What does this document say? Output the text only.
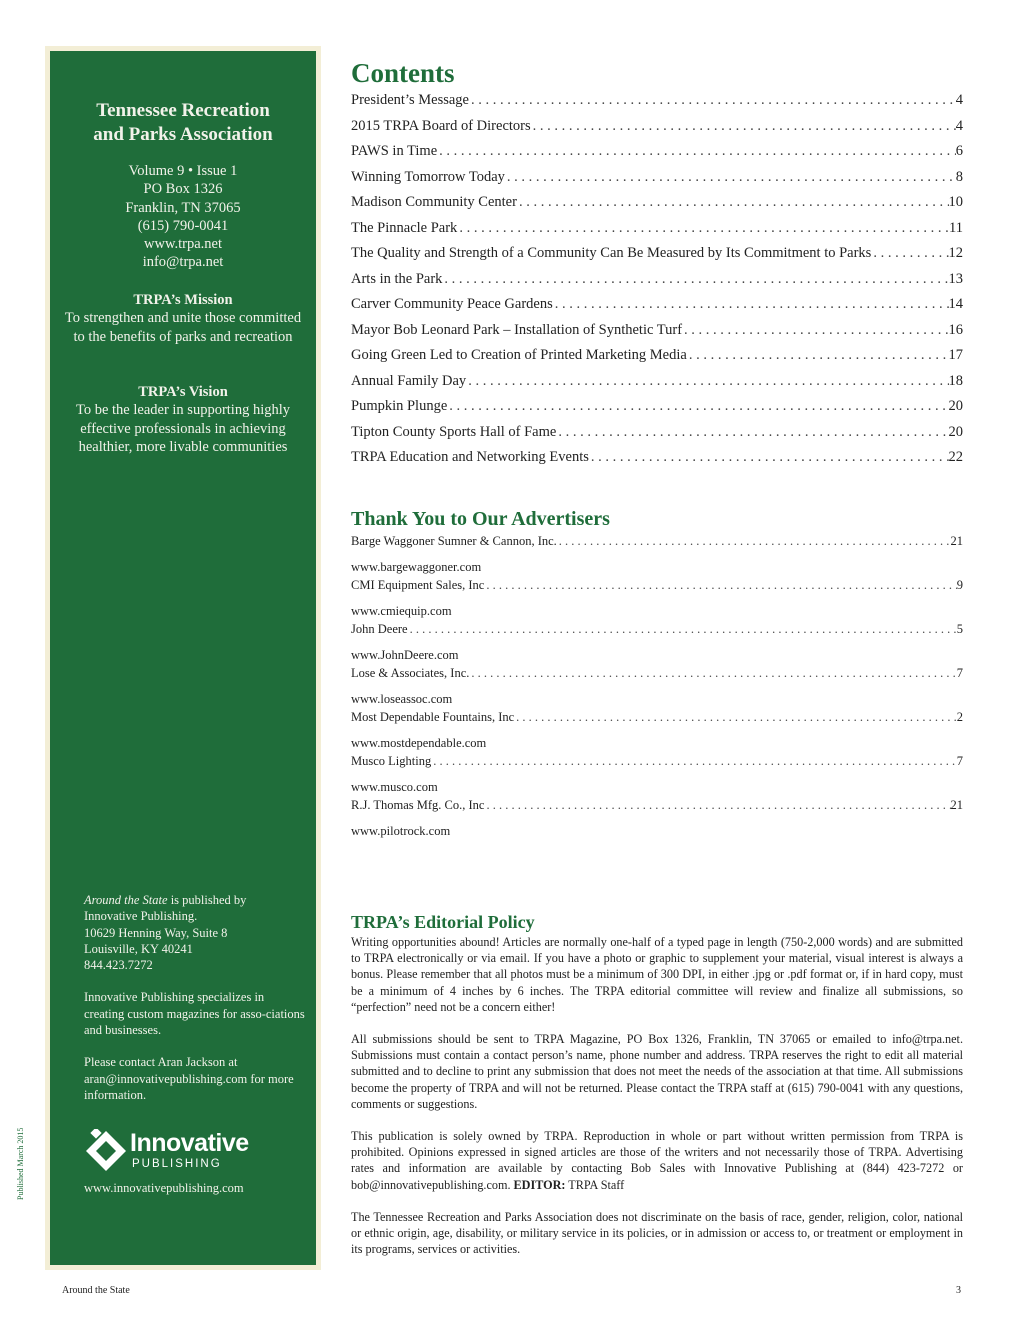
Tennessee Recreation
and Parks Association
Volume 9 • Issue 1
PO Box 1326
Franklin, TN 37065
(615) 790-0041
www.trpa.net
info@trpa.net
TRPA’s Mission
To strengthen and unite those committed to the benefits of parks and recreation
TRPA’s Vision
To be the leader in supporting highly effective professionals in achieving healthier, more livable communities

Around the State is published by
Innovative Publishing.
10629 Henning Way, Suite 8
Louisville, KY 40241
844.423.7272

Innovative Publishing specializes in creating custom magazines for asso-ciations and businesses.

Please contact Aran Jackson at aran@innovativepublishing.com for more information.

Innovative
PUBLISHING
www.innovativepublishing.com
Published March 2015
Contents
President’s Message . . .	4
2015 TRPA Board of Directors . . .	4
PAWS in Time . . .	6
Winning Tomorrow Today . . .	8
Madison Community Center . . .	10
The Pinnacle Park . . .	11
The Quality and Strength of a Community Can Be Measured by Its Commitment to Parks . . .	12
Arts in the Park . . .	13
Carver Community Peace Gardens . . .	14
Mayor Bob Leonard Park – Installation of Synthetic Turf . . .	16
Going Green Led to Creation of Printed Marketing Media . . .	17
Annual Family Day . . .	18
Pumpkin Plunge . . .	20
Tipton County Sports Hall of Fame . . .	20
TRPA Education and Networking Events . . .	22
Thank You to Our Advertisers
Barge Waggoner Sumner & Cannon, Inc. . . .	21
www.bargewaggoner.com
CMI Equipment Sales, Inc . . .	9
www.cmiequip.com
John Deere . . .	5
www.JohnDeere.com
Lose & Associates, Inc. . . .	7
www.loseassoc.com
Most Dependable Fountains, Inc . . .	2
www.mostdependable.com
Musco Lighting . . .	7
www.musco.com
R.J. Thomas Mfg. Co., Inc . . .	21
www.pilotrock.com
TRPA’s Editorial Policy

Writing opportunities abound! Articles are normally one-half of a typed page in length (750-2,000 words) and are submitted to TRPA electronically or via email. If you have a photo or graphic to supplement your material, visual interest is always a bonus. Please remember that all photos must be a minimum of 300 DPI, in either .jpg or .pdf format or, if in hard copy, must be a minimum of 4 inches by 6 inches. The TRPA editorial committee will review and finalize all submissions, so “perfection” need not be a concern either!

All submissions should be sent to TRPA Magazine, PO Box 1326, Franklin, TN 37065 or emailed to info@trpa.net. Submissions must contain a contact person’s name, phone number and address. TRPA reserves the right to edit all material submitted and to decline to print any submission that does not meet the needs of the association at that time. All submissions become the property of TRPA and will not be returned. Please contact the TRPA staff at (615) 790-0041 with any questions, comments or suggestions.

This publication is solely owned by TRPA. Reproduction in whole or part without written permission from TRPA is prohibited. Opinions expressed in signed articles are those of the writers and not necessarily those of TRPA. Advertising rates and information are available by contacting Bob Sales with Innovative Publishing at (844) 423-7272 or bob@innovativepublishing.com. EDITOR: TRPA Staff

The Tennessee Recreation and Parks Association does not discriminate on the basis of race, gender, religion, color, national or ethnic origin, age, disability, or military service in its policies, or in admission or access to, or treatment or employment in its programs, services or activities.

Around the State	3
